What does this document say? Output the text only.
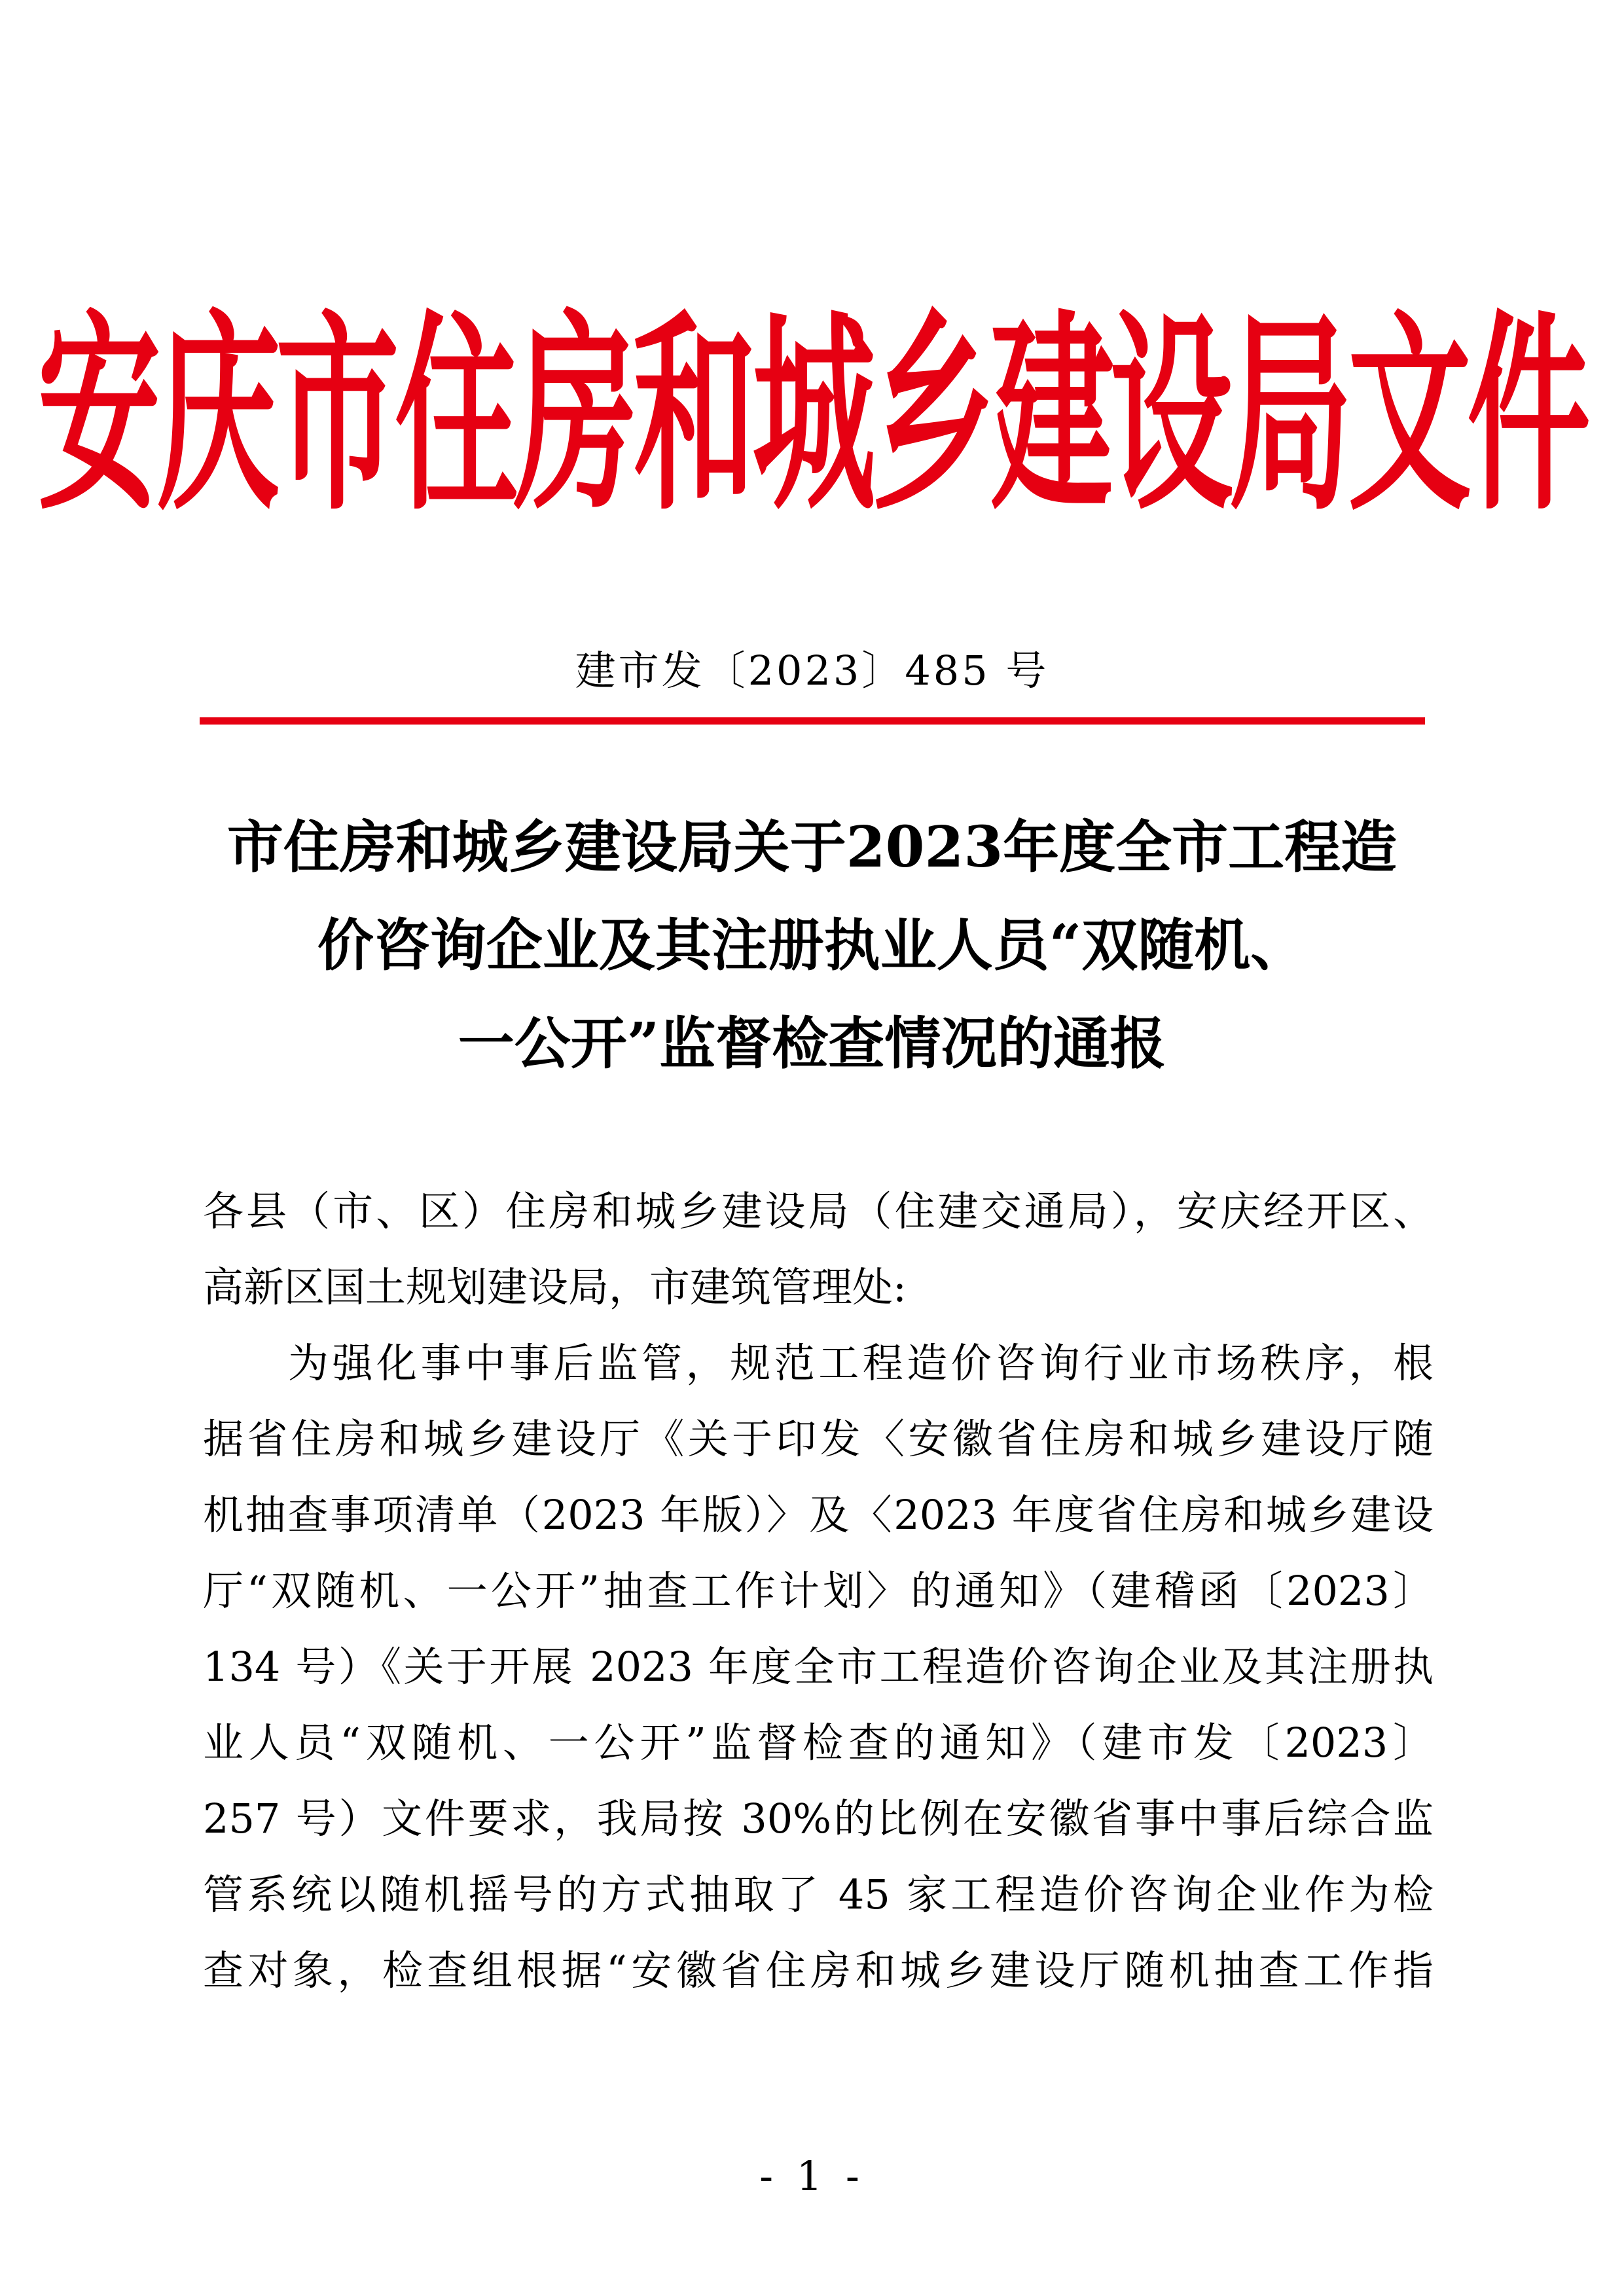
安庆市住房和城乡建设局文件
建市发〔2023〕485 号
市住房和城乡建设局关于2023年度全市工程造
价咨询企业及其注册执业人员“双随机、
一公开”监督检查情况的通报
各县（市、区）住房和城乡建设局（住建交通局），安庆经开区、
高新区国土规划建设局，市建筑管理处:
为强化事中事后监管，规范工程造价咨询行业市场秩序，根
据省住房和城乡建设厅《关于印发〈安徽省住房和城乡建设厅随
机抽查事项清单（2023 年版）〉及〈2023 年度省住房和城乡建设
厅“双随机、一公开”抽查工作计划〉的通知》（建稽函〔2023〕
134 号）《关于开展 2023 年度全市工程造价咨询企业及其注册执
业人员“双随机、一公开”监督检查的通知》（建市发〔2023〕
257 号）文件要求，我局按 30%的比例在安徽省事中事后综合监
管系统以随机摇号的方式抽取了 45 家工程造价咨询企业作为检
查对象，检查组根据“安徽省住房和城乡建设厅随机抽查工作指
- 1 -
